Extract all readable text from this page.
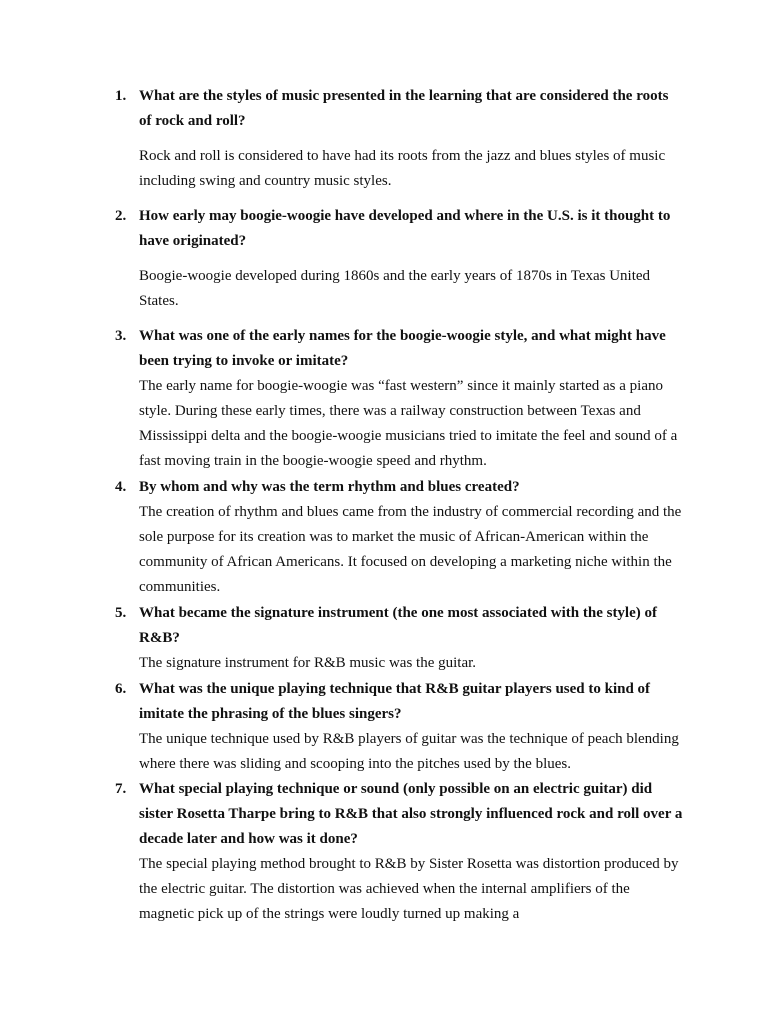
1. What are the styles of music presented in the learning that are considered the roots of rock and roll?
Rock and roll is considered to have had its roots from the jazz and blues styles of music including swing and country music styles.
2. How early may boogie-woogie have developed and where in the U.S. is it thought to have originated?
Boogie-woogie developed during 1860s and the early years of 1870s in Texas United States.
3. What was one of the early names for the boogie-woogie style, and what might have been trying to invoke or imitate?
The early name for boogie-woogie was “fast western” since it mainly started as a piano style. During these early times, there was a railway construction between Texas and Mississippi delta and the boogie-woogie musicians tried to imitate the feel and sound of a fast moving train in the boogie-woogie speed and rhythm.
4. By whom and why was the term rhythm and blues created?
The creation of rhythm and blues came from the industry of commercial recording and the sole purpose for its creation was to market the music of African-American within the community of African Americans. It focused on developing a marketing niche within the communities.
5. What became the signature instrument (the one most associated with the style) of R&B?
The signature instrument for R&B music was the guitar.
6. What was the unique playing technique that R&B guitar players used to kind of imitate the phrasing of the blues singers?
The unique technique used by R&B players of guitar was the technique of peach blending where there was sliding and scooping into the pitches used by the blues.
7. What special playing technique or sound (only possible on an electric guitar) did sister Rosetta Tharpe bring to R&B that also strongly influenced rock and roll over a decade later and how was it done?
The special playing method brought to R&B by Sister Rosetta was distortion produced by the electric guitar. The distortion was achieved when the internal amplifiers of the magnetic pick up of the strings were loudly turned up making a
